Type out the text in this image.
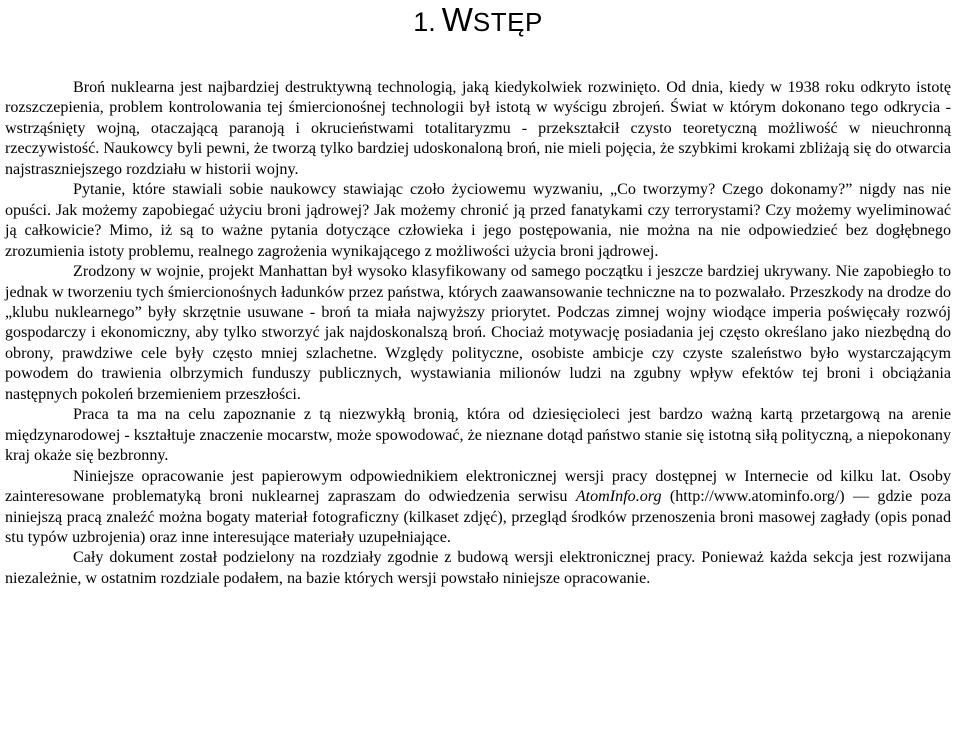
1. WSTĘP

Broń nuklearna jest najbardziej destruktywną technologią, jaką kiedykolwiek rozwinięto. Od dnia, kiedy w 1938 roku odkryto istotę rozszczepienia, problem kontrolowania tej śmiercionośnej technologii był istotą w wyścigu zbrojeń. Świat w którym dokonano tego odkrycia - wstrząśnięty wojną, otaczającą paranoją i okrucieństwami totalitaryzmu - przekształcił czysto teoretyczną możliwość w nieuchronną rzeczywistość. Naukowcy byli pewni, że tworzą tylko bardziej udoskonaloną broń, nie mieli pojęcia, że szybkimi krokami zbliżają się do otwarcia najstraszniejszego rozdziału w historii wojny.

Pytanie, które stawiali sobie naukowcy stawiając czoło życiowemu wyzwaniu, „Co tworzymy? Czego dokonamy?” nigdy nas nie opuści. Jak możemy zapobiegać użyciu broni jądrowej? Jak możemy chronić ją przed fanatykami czy terrorystami? Czy możemy wyeliminować ją całkowicie? Mimo, iż są to ważne pytania dotyczące człowieka i jego postępowania, nie można na nie odpowiedzieć bez dogłębnego zrozumienia istoty problemu, realnego zagrożenia wynikającego z możliwości użycia broni jądrowej.

Zrodzony w wojnie, projekt Manhattan był wysoko klasyfikowany od samego początku i jeszcze bardziej ukrywany. Nie zapobiegło to jednak w tworzeniu tych śmiercionośnych ładunków przez państwa, których zaawansowanie techniczne na to pozwalało. Przeszkody na drodze do „klubu nuklearnego” były skrzętnie usuwane - broń ta miała najwyższy priorytet. Podczas zimnej wojny wiodące imperia poświęcały rozwój gospodarczy i ekonomiczny, aby tylko stworzyć jak najdoskonalszą broń. Chociaż motywację posiadania jej często określano jako niezbędną do obrony, prawdziwe cele były często mniej szlachetne. Względy polityczne, osobiste ambicje czy czyste szaleństwo było wystarczającym powodem do trawienia olbrzymich funduszy publicznych, wystawiania milionów ludzi na zgubny wpływ efektów tej broni i obciążania następnych pokoleń brzemieniem przeszłości.

Praca ta ma na celu zapoznanie z tą niezwykłą bronią, która od dziesięcioleci jest bardzo ważną kartą przetargową na arenie międzynarodowej - kształtuje znaczenie mocarstw, może spowodować, że nieznane dotąd państwo stanie się istotną siłą polityczną, a niepokonany kraj okaże się bezbronny.

Niniejsze opracowanie jest papierowym odpowiednikiem elektronicznej wersji pracy dostępnej w Internecie od kilku lat. Osoby zainteresowane problematyką broni nuklearnej zapraszam do odwiedzenia serwisu AtomInfo.org (http://www.atominfo.org/) — gdzie poza niniejszą pracą znaleźć można bogaty materiał fotograficzny (kilkaset zdjęć), przegląd środków przenoszenia broni masowej zagłady (opis ponad stu typów uzbrojenia) oraz inne interesujące materiały uzupełniające.

Cały dokument został podzielony na rozdziały zgodnie z budową wersji elektronicznej pracy. Ponieważ każda sekcja jest rozwijana niezależnie, w ostatnim rozdziale podałem, na bazie których wersji powstało niniejsze opracowanie.
